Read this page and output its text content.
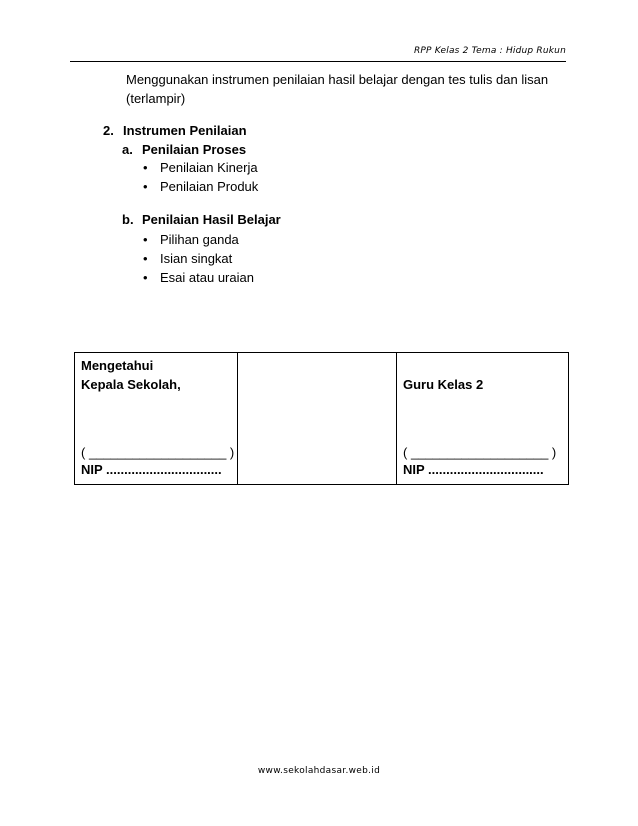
RPP Kelas 2 Tema : Hidup Rukun
Menggunakan instrumen penilaian hasil belajar dengan tes tulis dan lisan (terlampir)
2. Instrumen Penilaian
a. Penilaian Proses
• Penilaian Kinerja
• Penilaian Produk
b. Penilaian Hasil Belajar
• Pilihan ganda
• Isian singkat
• Esai atau uraian
Mengetahui
Kepala Sekolah,
( ___________________ )
NIP ................................

Guru Kelas 2
( ___________________ )
NIP ................................
www.sekolahdasar.web.id
